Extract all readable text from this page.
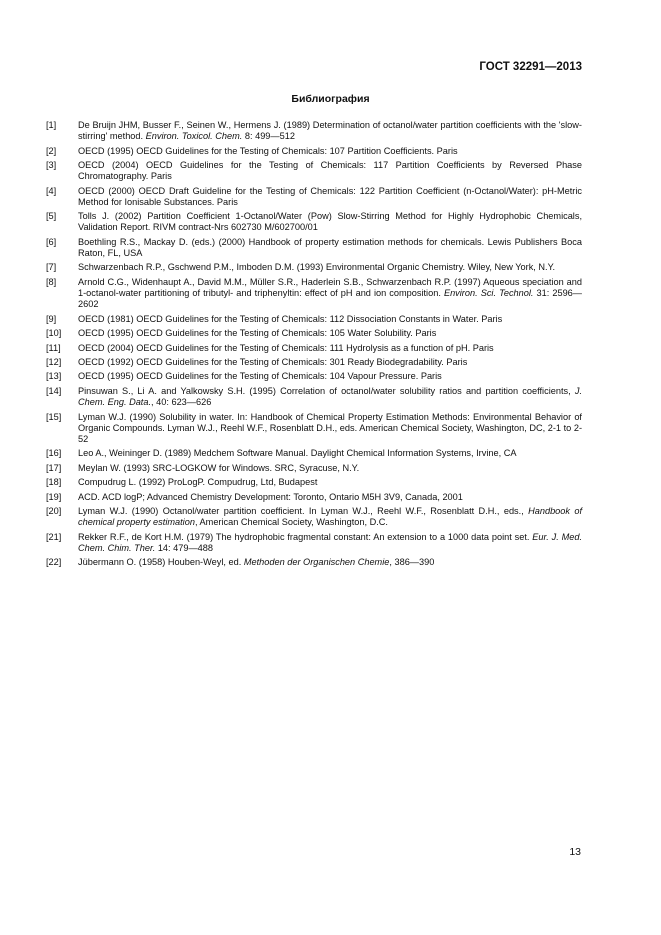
ГОСТ 32291—2013
Библиография
[1]	De Bruijn JHM, Busser F., Seinen W., Hermens J. (1989) Determination of octanol/water partition coefficients with the 'slow-stirring' method. Environ. Toxicol. Chem. 8: 499—512
[2]	OECD (1995) OECD Guidelines for the Testing of Chemicals: 107 Partition Coefficients. Paris
[3]	OECD (2004) OECD Guidelines for the Testing of Chemicals: 117 Partition Coefficients by Reversed Phase Chromatography. Paris
[4]	OECD (2000) OECD Draft Guideline for the Testing of Chemicals: 122 Partition Coefficient (n-Octanol/Water): pH-Metric Method for Ionisable Substances. Paris
[5]	Tolls J. (2002) Partition Coefficient 1-Octanol/Water (Pow) Slow-Stirring Method for Highly Hydrophobic Chemicals, Validation Report. RIVM contract-Nrs 602730 M/602700/01
[6]	Boethling R.S., Mackay D. (eds.) (2000) Handbook of property estimation methods for chemicals. Lewis Publishers Boca Raton, FL, USA
[7]	Schwarzenbach R.P., Gschwend P.M., Imboden D.M. (1993) Environmental Organic Chemistry. Wiley, New York, N.Y.
[8]	Arnold C.G., Widenhaupt A., David M.M., Müller S.R., Haderlein S.B., Schwarzenbach R.P. (1997) Aqueous speciation and 1-octanol-water partitioning of tributyl- and triphenyltin: effect of pH and ion composition. Environ. Sci. Technol. 31: 2596—2602
[9]	OECD (1981) OECD Guidelines for the Testing of Chemicals: 112 Dissociation Constants in Water. Paris
[10]	OECD (1995) OECD Guidelines for the Testing of Chemicals: 105 Water Solubility. Paris
[11]	OECD (2004) OECD Guidelines for the Testing of Chemicals: 111 Hydrolysis as a function of pH. Paris
[12]	OECD (1992) OECD Guidelines for the Testing of Chemicals: 301 Ready Biodegradability. Paris
[13]	OECD (1995) OECD Guidelines for the Testing of Chemicals: 104 Vapour Pressure. Paris
[14]	Pinsuwan S., Li A. and Yalkowsky S.H. (1995) Correlation of octanol/water solubility ratios and partition coefficients, J. Chem. Eng. Data., 40: 623—626
[15]	Lyman W.J. (1990) Solubility in water. In: Handbook of Chemical Property Estimation Methods: Environmental Behavior of Organic Compounds. Lyman W.J., Reehl W.F., Rosenblatt D.H., eds. American Chemical Society, Washington, DC, 2-1 to 2-52
[16]	Leo A., Weininger D. (1989) Medchem Software Manual. Daylight Chemical Information Systems, Irvine, CA
[17]	Meylan W. (1993) SRC-LOGKOW for Windows. SRC, Syracuse, N.Y.
[18]	Compudrug L. (1992) ProLogP. Compudrug, Ltd, Budapest
[19]	ACD. ACD logP; Advanced Chemistry Development: Toronto, Ontario M5H 3V9, Canada, 2001
[20]	Lyman W.J. (1990) Octanol/water partition coefficient. In Lyman W.J., Reehl W.F., Rosenblatt D.H., eds., Handbook of chemical property estimation, American Chemical Society, Washington, D.C.
[21]	Rekker R.F., de Kort H.M. (1979) The hydrophobic fragmental constant: An extension to a 1000 data point set. Eur. J. Med. Chem. Chim. Ther. 14: 479—488
[22]	Jübermann O. (1958) Houben-Weyl, ed. Methoden der Organischen Chemie, 386—390
13
